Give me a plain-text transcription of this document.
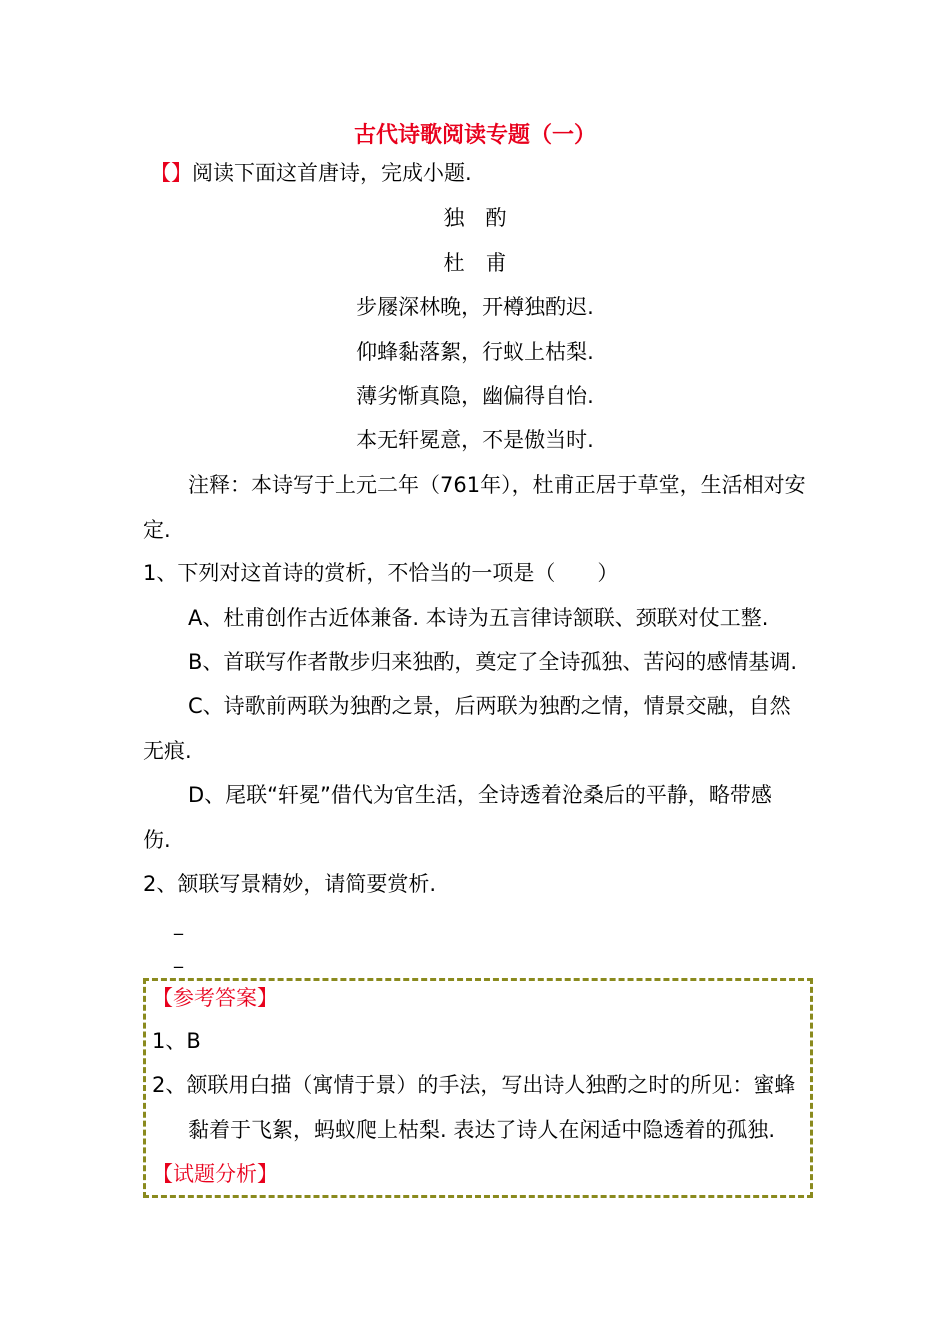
古代诗歌阅读专题（一）
【】阅读下面这首唐诗，完成小题.
独　酌
杜　甫
步屦深林晚，开樽独酌迟.
仰蜂黏落絮，行蚁上枯梨.
薄劣惭真隐，幽偏得自怡.
本无轩冕意，不是傲当时.
注释：本诗写于上元二年（761年），杜甫正居于草堂，生活相对安
定.
1、下列对这首诗的赏析，不恰当的一项是（　　）
A、杜甫创作古近体兼备. 本诗为五言律诗颔联、颈联对仗工整.
B、首联写作者散步归来独酌，奠定了全诗孤独、苦闷的感情基调.
C、诗歌前两联为独酌之景，后两联为独酌之情，情景交融，自然
无痕.
D、尾联“轩冕”借代为官生活，全诗透着沧桑后的平静，略带感
伤.
2、颔联写景精妙，请简要赏析.
_
_
【参考答案】
1、B
2、颔联用白描（寓情于景）的手法，写出诗人独酌之时的所见：蜜蜂
黏着于飞絮，蚂蚁爬上枯梨. 表达了诗人在闲适中隐透着的孤独.
【试题分析】
